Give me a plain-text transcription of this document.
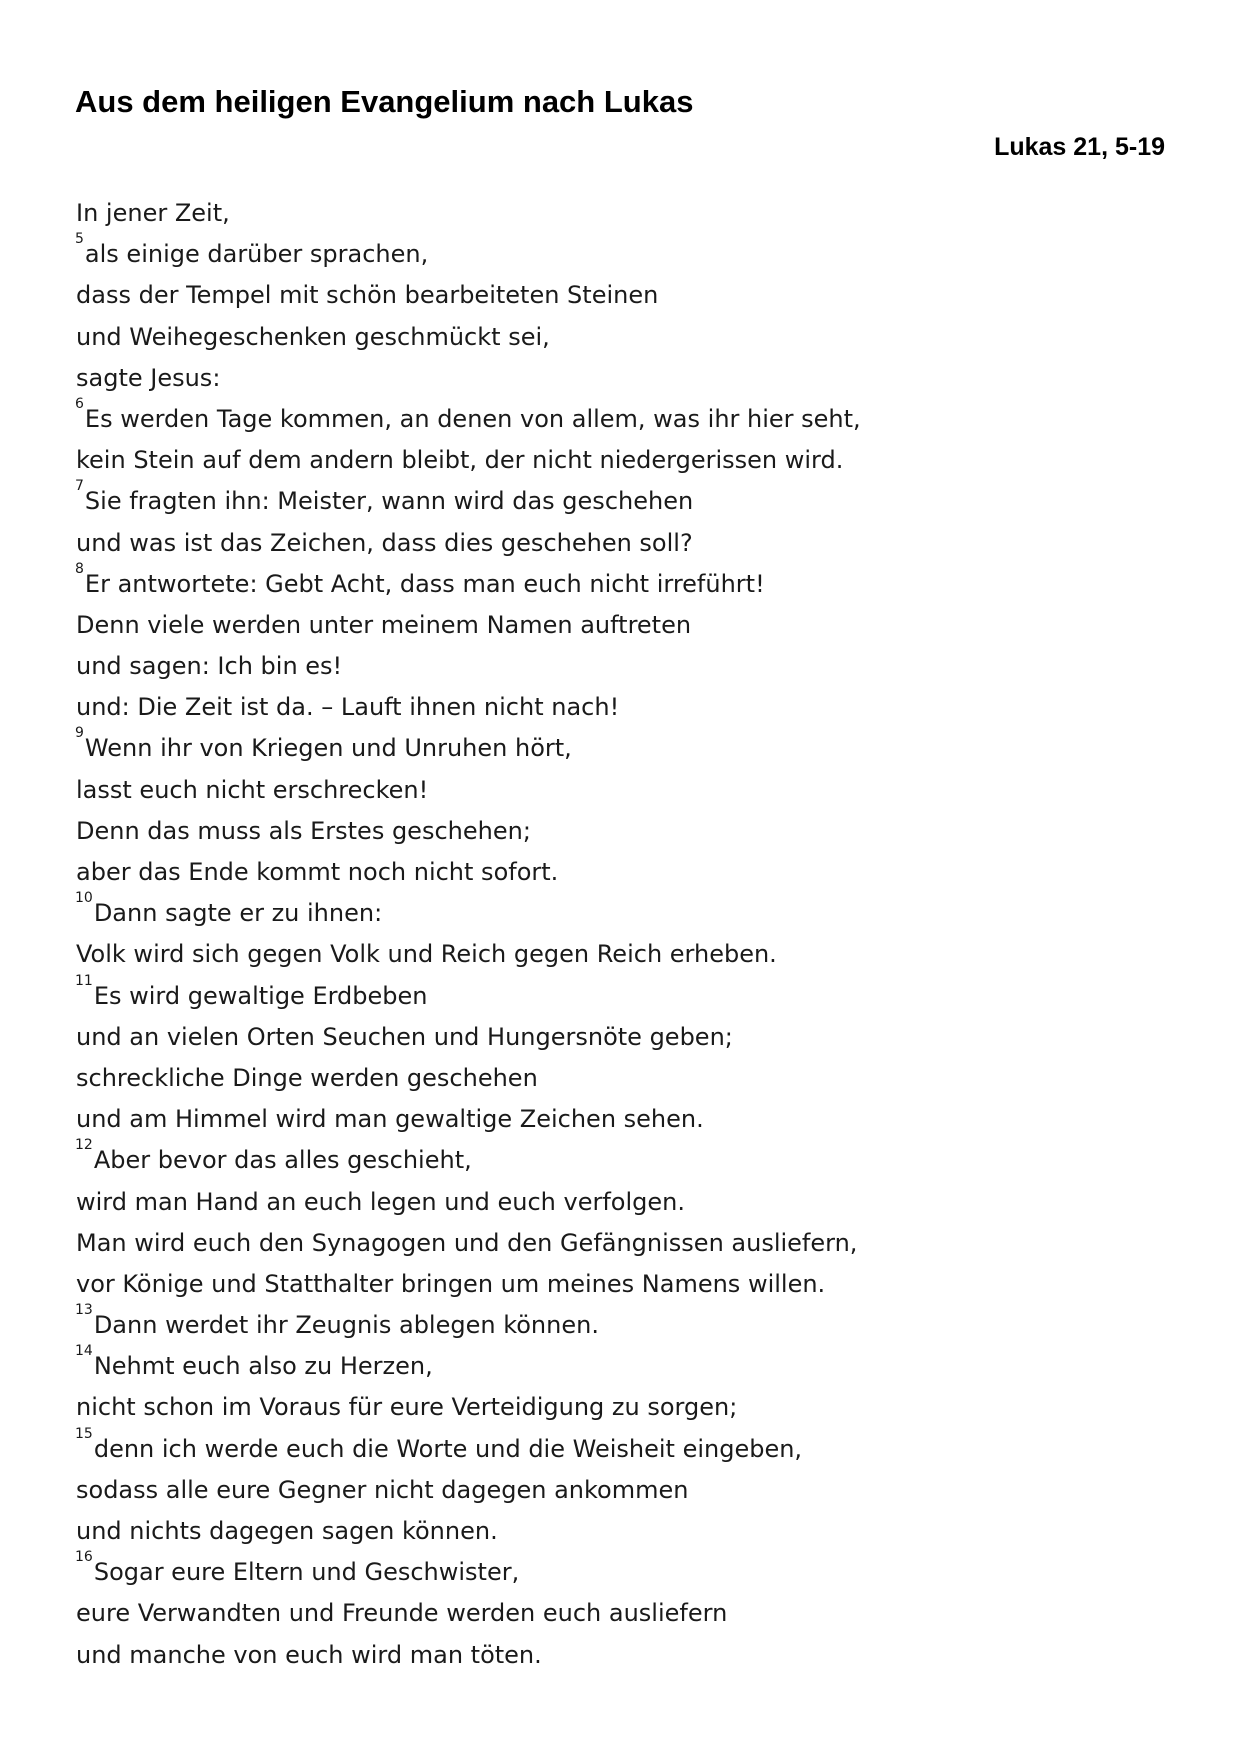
Aus dem heiligen Evangelium nach Lukas
Lukas 21, 5-19
In jener Zeit,
$^5$als einige darüber sprachen,
dass der Tempel mit schön bearbeiteten Steinen
und Weihegeschenken geschmückt sei,
sagte Jesus:
$^6$Es werden Tage kommen, an denen von allem, was ihr hier seht,
kein Stein auf dem andern bleibt, der nicht niedergerissen wird.
$^7$Sie fragten ihn: Meister, wann wird das geschehen
und was ist das Zeichen, dass dies geschehen soll?
$^8$Er antwortete: Gebt Acht, dass man euch nicht irreführt!
Denn viele werden unter meinem Namen auftreten
und sagen: Ich bin es!
und: Die Zeit ist da. – Lauft ihnen nicht nach!
$^9$Wenn ihr von Kriegen und Unruhen hört,
lasst euch nicht erschrecken!
Denn das muss als Erstes geschehen;
aber das Ende kommt noch nicht sofort.
$^{10}$Dann sagte er zu ihnen:
Volk wird sich gegen Volk und Reich gegen Reich erheben.
$^{11}$Es wird gewaltige Erdbeben
und an vielen Orten Seuchen und Hungersnöte geben;
schreckliche Dinge werden geschehen
und am Himmel wird man gewaltige Zeichen sehen.
$^{12}$Aber bevor das alles geschieht,
wird man Hand an euch legen und euch verfolgen.
Man wird euch den Synagogen und den Gefängnissen ausliefern,
vor Könige und Statthalter bringen um meines Namens willen.
$^{13}$Dann werdet ihr Zeugnis ablegen können.
$^{14}$Nehmt euch also zu Herzen,
nicht schon im Voraus für eure Verteidigung zu sorgen;
$^{15}$denn ich werde euch die Worte und die Weisheit eingeben,
sodass alle eure Gegner nicht dagegen ankommen
und nichts dagegen sagen können.
$^{16}$Sogar eure Eltern und Geschwister,
eure Verwandten und Freunde werden euch ausliefern
und manche von euch wird man töten.
